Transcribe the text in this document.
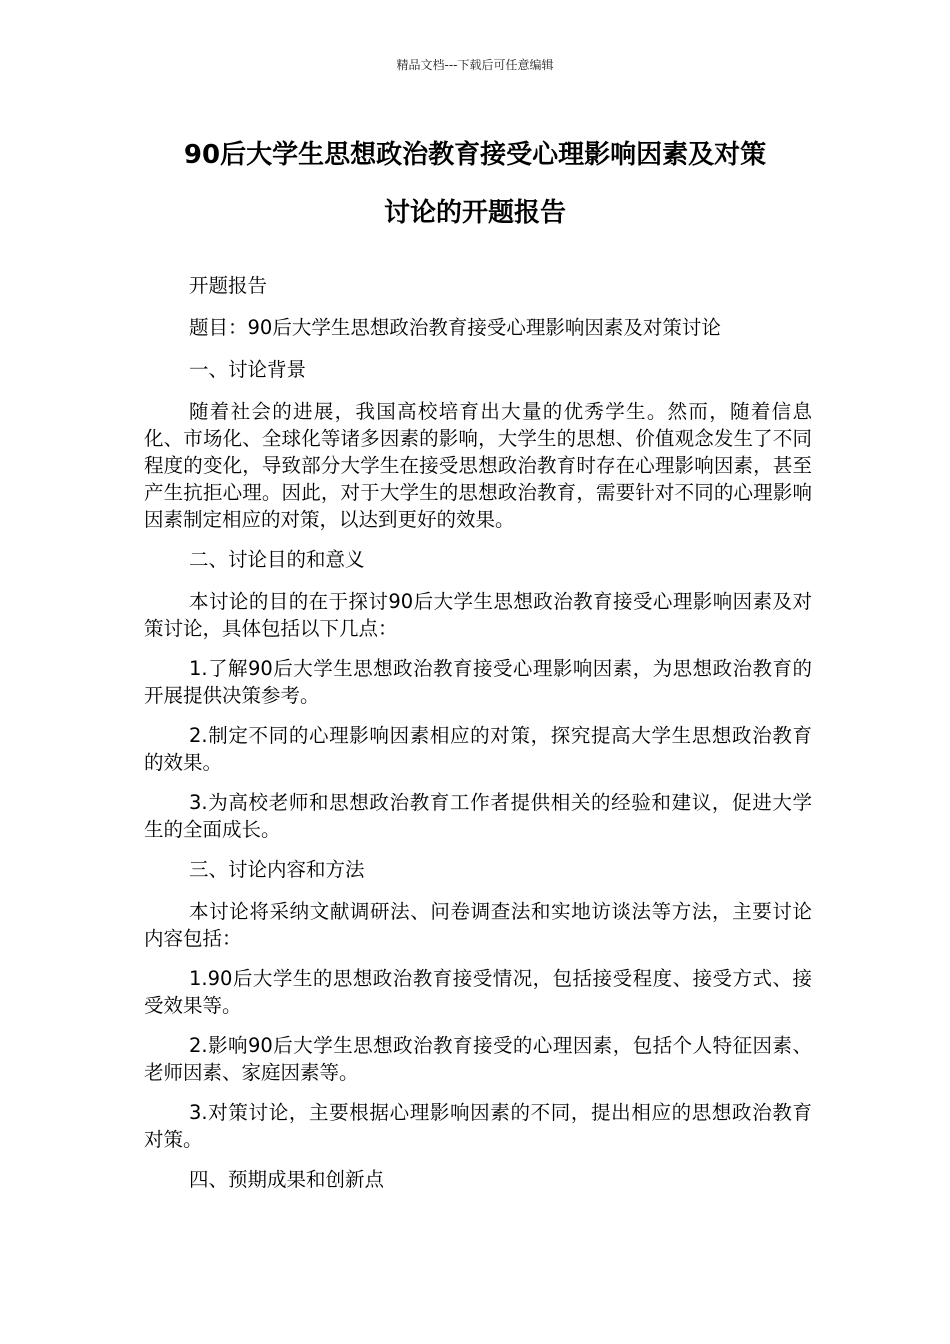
精品文档---下载后可任意编辑
90后大学生思想政治教育接受心理影响因素及对策
讨论的开题报告

开题报告

题目：90后大学生思想政治教育接受心理影响因素及对策讨论

一、讨论背景

随着社会的进展，我国高校培育出大量的优秀学生。然而，随着信息化、市场化、全球化等诸多因素的影响，大学生的思想、价值观念发生了不同程度的变化，导致部分大学生在接受思想政治教育时存在心理影响因素，甚至产生抗拒心理。因此，对于大学生的思想政治教育，需要针对不同的心理影响因素制定相应的对策，以达到更好的效果。

二、讨论目的和意义

本讨论的目的在于探讨90后大学生思想政治教育接受心理影响因素及对策讨论，具体包括以下几点：

1.了解90后大学生思想政治教育接受心理影响因素，为思想政治教育的开展提供决策参考。

2.制定不同的心理影响因素相应的对策，探究提高大学生思想政治教育的效果。

3.为高校老师和思想政治教育工作者提供相关的经验和建议，促进大学生的全面成长。

三、讨论内容和方法

本讨论将采纳文献调研法、问卷调查法和实地访谈法等方法，主要讨论内容包括：

1.90后大学生的思想政治教育接受情况，包括接受程度、接受方式、接受效果等。

2.影响90后大学生思想政治教育接受的心理因素，包括个人特征因素、老师因素、家庭因素等。

3.对策讨论，主要根据心理影响因素的不同，提出相应的思想政治教育对策。

四、预期成果和创新点
